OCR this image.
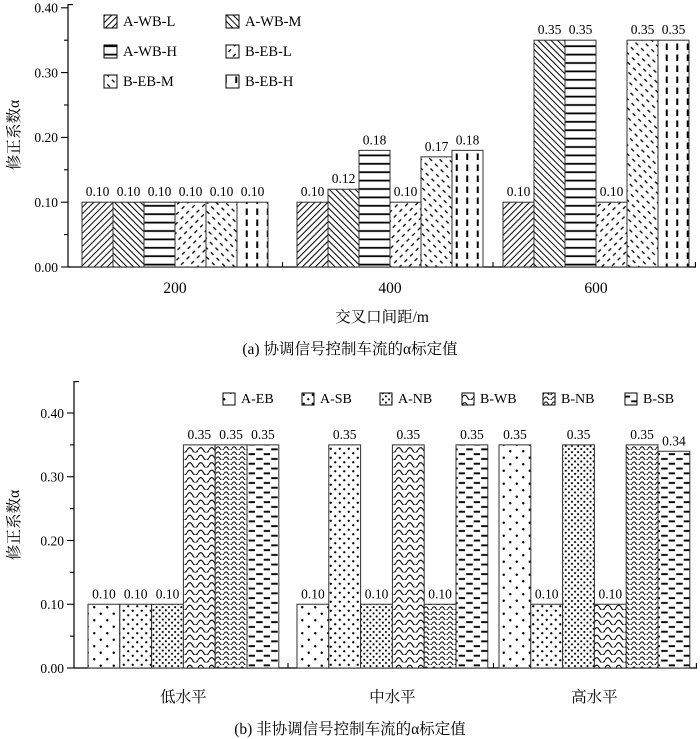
0.00
0.10
0.20
0.30
0.40
0.10 0.10 0.10 0.10 0.10 0.10
200
0.10
0.12
0.18
0.10
0.17 0.18
400
0.10
0.35 0.35
0.10
0.35 0.35
600
A-WB-L	A-WB-M
A-WB-H	B-EB-L
B-EB-M	B-EB-H
交叉口间距/m
修正系数α
(a) 协调信号控制车流的α标定值
0.00
0.10
0.20
0.30
0.40
0.10 0.10 0.10
0.35 0.35 0.35
低水平
0.10
0.35
0.10
0.35
0.10
0.35
中水平
0.35
0.10
0.35
0.10
0.35 0.34
高水平
A-EB	A-SB	A-NB	B-WB	B-NB	B-SB
修正系数α
(b) 非协调信号控制车流的α标定值
